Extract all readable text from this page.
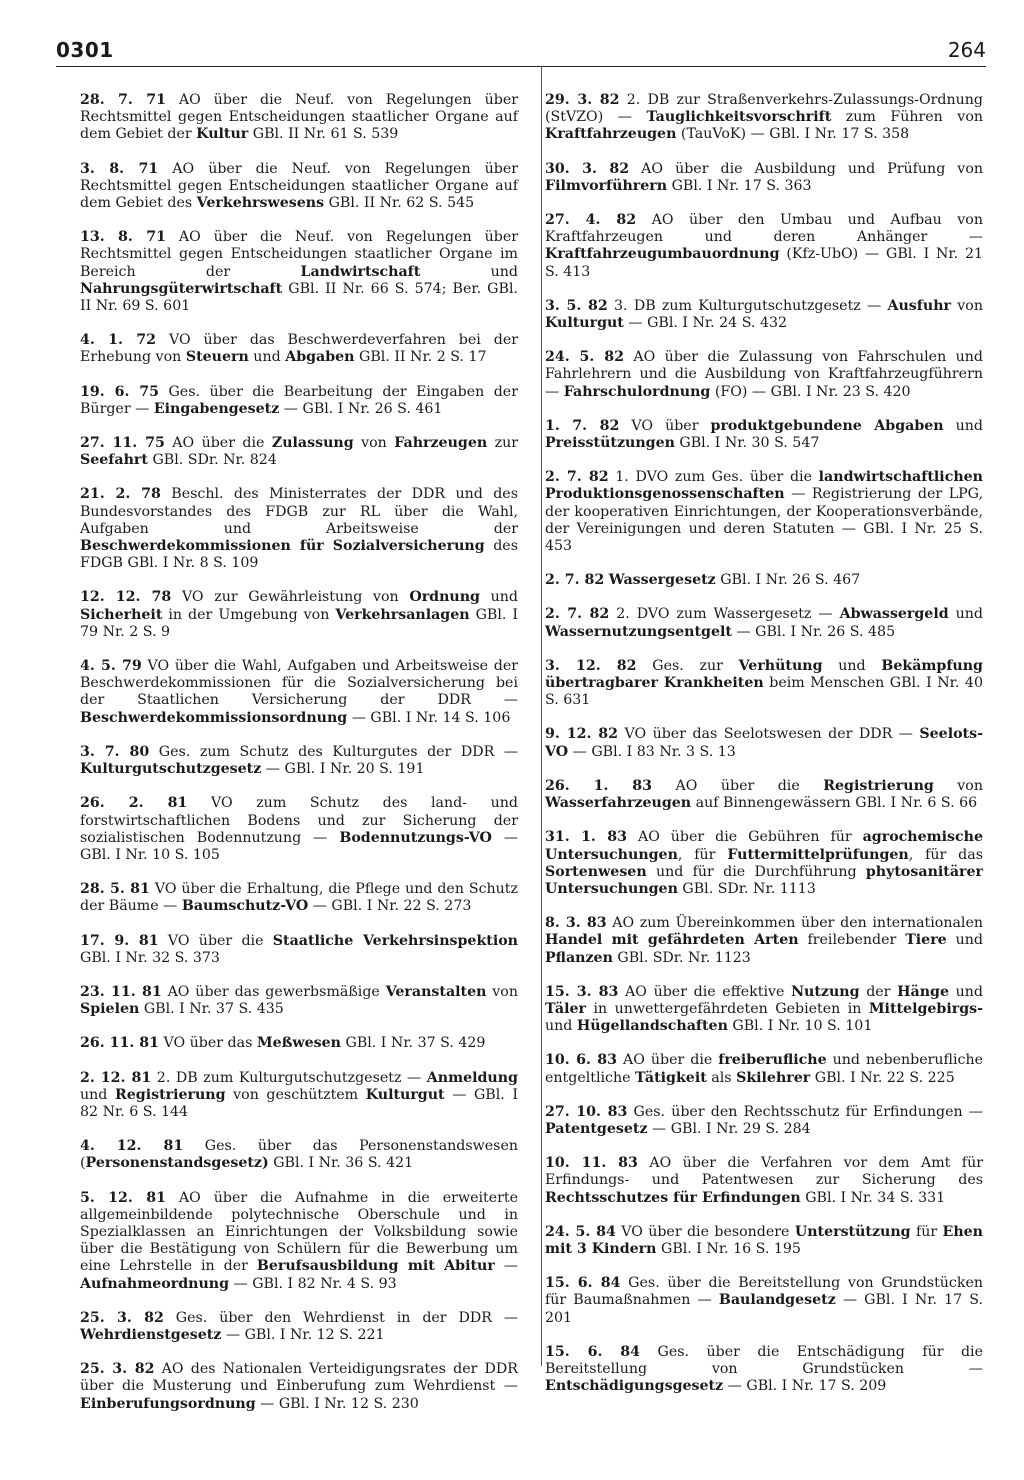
0301	264

28. 7. 71 AO über die Neuf. von Regelungen über Rechtsmittel gegen Entscheidungen staatlicher Organe auf dem Gebiet der Kultur GBl. II Nr. 61 S. 539

3. 8. 71 AO über die Neuf. von Regelungen über Rechtsmittel gegen Entscheidungen staatlicher Organe auf dem Gebiet des Verkehrswesens GBl. II Nr. 62 S. 545

13. 8. 71 AO über die Neuf. von Regelungen über Rechtsmittel gegen Entscheidungen staatlicher Organe im Bereich der Landwirtschaft und Nahrungsgüterwirtschaft GBl. II Nr. 66 S. 574; Ber. GBl. II Nr. 69 S. 601

4. 1. 72 VO über das Beschwerdeverfahren bei der Erhebung von Steuern und Abgaben GBl. II Nr. 2 S. 17

19. 6. 75 Ges. über die Bearbeitung der Eingaben der Bürger — Eingabengesetz — GBl. I Nr. 26 S. 461

27. 11. 75 AO über die Zulassung von Fahrzeugen zur Seefahrt GBl. SDr. Nr. 824

21. 2. 78 Beschl. des Ministerrates der DDR und des Bundesvorstandes des FDGB zur RL über die Wahl, Aufgaben und Arbeitsweise der Beschwerdekommissionen für Sozialversicherung des FDGB GBl. I Nr. 8 S. 109

12. 12. 78 VO zur Gewährleistung von Ordnung und Sicherheit in der Umgebung von Verkehrsanlagen GBl. I 79 Nr. 2 S. 9

4. 5. 79 VO über die Wahl, Aufgaben und Arbeitsweise der Beschwerdekommissionen für die Sozialversicherung bei der Staatlichen Versicherung der DDR — Beschwerdekommissionsordnung — GBl. I Nr. 14 S. 106

3. 7. 80 Ges. zum Schutz des Kulturgutes der DDR — Kulturgutschutzgesetz — GBl. I Nr. 20 S. 191

26. 2. 81 VO zum Schutz des land- und forstwirtschaftlichen Bodens und zur Sicherung der sozialistischen Bodennutzung — Bodennutzungs-VO — GBl. I Nr. 10 S. 105

28. 5. 81 VO über die Erhaltung, die Pflege und den Schutz der Bäume — Baumschutz-VO — GBl. I Nr. 22 S. 273

17. 9. 81 VO über die Staatliche Verkehrsinspektion GBl. I Nr. 32 S. 373

23. 11. 81 AO über das gewerbsmäßige Veranstalten von Spielen GBl. I Nr. 37 S. 435

26. 11. 81 VO über das Meßwesen GBl. I Nr. 37 S. 429

2. 12. 81 2. DB zum Kulturgutschutzgesetz — Anmeldung und Registrierung von geschütztem Kulturgut — GBl. I 82 Nr. 6 S. 144

4. 12. 81 Ges. über das Personenstandswesen (Personenstandsgesetz) GBl. I Nr. 36 S. 421

5. 12. 81 AO über die Aufnahme in die erweiterte allgemeinbildende polytechnische Oberschule und in Spezialklassen an Einrichtungen der Volksbildung sowie über die Bestätigung von Schülern für die Bewerbung um eine Lehrstelle in der Berufsausbildung mit Abitur — Aufnahmeordnung — GBl. I 82 Nr. 4 S. 93

25. 3. 82 Ges. über den Wehrdienst in der DDR — Wehrdienstgesetz — GBl. I Nr. 12 S. 221

25. 3. 82 AO des Nationalen Verteidigungsrates der DDR über die Musterung und Einberufung zum Wehrdienst — Einberufungsordnung — GBl. I Nr. 12 S. 230

29. 3. 82 2. DB zur Straßenverkehrs-Zulassungs-Ordnung (StVZO) — Tauglichkeitsvorschrift zum Führen von Kraftfahrzeugen (TauVoK) — GBl. I Nr. 17 S. 358

30. 3. 82 AO über die Ausbildung und Prüfung von Filmvorführern GBl. I Nr. 17 S. 363

27. 4. 82 AO über den Umbau und Aufbau von Kraftfahrzeugen und deren Anhänger — Kraftfahrzeugumbauordnung (Kfz-UbO) — GBl. I Nr. 21 S. 413

3. 5. 82 3. DB zum Kulturgutschutzgesetz — Ausfuhr von Kulturgut — GBl. I Nr. 24 S. 432

24. 5. 82 AO über die Zulassung von Fahrschulen und Fahrlehrern und die Ausbildung von Kraftfahrzeugführern — Fahrschulordnung (FO) — GBl. I Nr. 23 S. 420

1. 7. 82 VO über produktgebundene Abgaben und Preisstützungen GBl. I Nr. 30 S. 547

2. 7. 82 1. DVO zum Ges. über die landwirtschaftlichen Produktionsgenossenschaften — Registrierung der LPG, der kooperativen Einrichtungen, der Kooperationsverbände, der Vereinigungen und deren Statuten — GBl. I Nr. 25 S. 453

2. 7. 82 Wassergesetz GBl. I Nr. 26 S. 467

2. 7. 82 2. DVO zum Wassergesetz — Abwassergeld und Wassernutzungsentgelt — GBl. I Nr. 26 S. 485

3. 12. 82 Ges. zur Verhütung und Bekämpfung übertragbarer Krankheiten beim Menschen GBl. I Nr. 40 S. 631

9. 12. 82 VO über das Seelotswesen der DDR — Seelots-VO — GBl. I 83 Nr. 3 S. 13

26. 1. 83 AO über die Registrierung von Wasserfahrzeugen auf Binnengewässern GBl. I Nr. 6 S. 66

31. 1. 83 AO über die Gebühren für agrochemische Untersuchungen, für Futtermittelprüfungen, für das Sortenwesen und für die Durchführung phytosanitärer Untersuchungen GBl. SDr. Nr. 1113

8. 3. 83 AO zum Übereinkommen über den internationalen Handel mit gefährdeten Arten freilebender Tiere und Pflanzen GBl. SDr. Nr. 1123

15. 3. 83 AO über die effektive Nutzung der Hänge und Täler in unwettergefährdeten Gebieten in Mittelgebirgs- und Hügellandschaften GBl. I Nr. 10 S. 101

10. 6. 83 AO über die freiberufliche und nebenberufliche entgeltliche Tätigkeit als Skilehrer GBl. I Nr. 22 S. 225

27. 10. 83 Ges. über den Rechtsschutz für Erfindungen — Patentgesetz — GBl. I Nr. 29 S. 284

10. 11. 83 AO über die Verfahren vor dem Amt für Erfindungs- und Patentwesen zur Sicherung des Rechtsschutzes für Erfindungen GBl. I Nr. 34 S. 331

24. 5. 84 VO über die besondere Unterstützung für Ehen mit 3 Kindern GBl. I Nr. 16 S. 195

15. 6. 84 Ges. über die Bereitstellung von Grundstücken für Baumaßnahmen — Baulandgesetz — GBl. I Nr. 17 S. 201

15. 6. 84 Ges. über die Entschädigung für die Bereitstellung von Grundstücken — Entschädigungsgesetz — GBl. I Nr. 17 S. 209
